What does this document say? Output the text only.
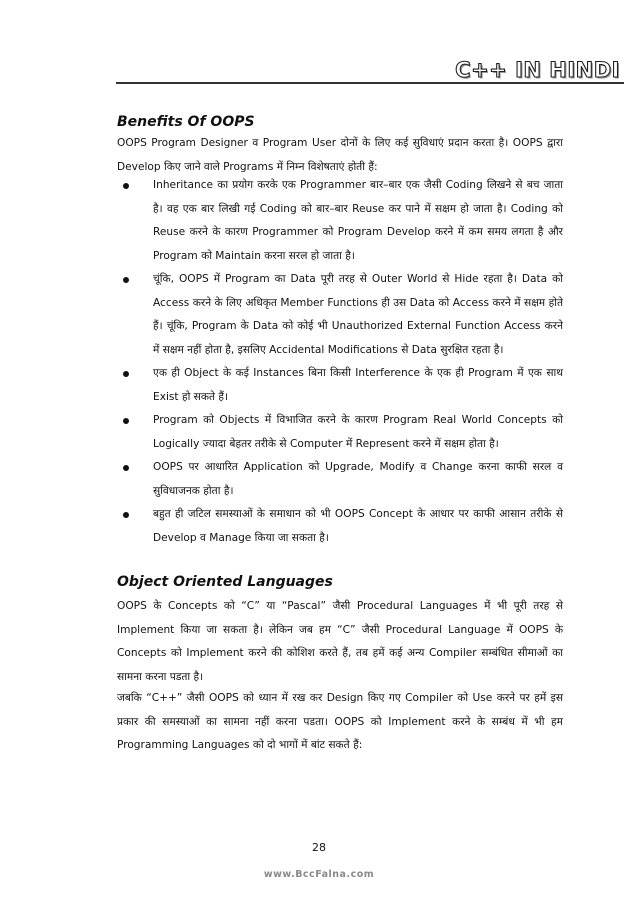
C++ IN HINDI
Benefits Of OOPS

OOPS Program Designer व Program User दोनों के लिए कई सुविधाएं प्रदान करता है। OOPS द्वारा Develop किए जाने वाले Programs में निम्न विशेषताएं होती हैं:

Inheritance का प्रयोग करके एक Programmer बार–बार एक जैसी Coding लिखने से बच जाता है। वह एक बार लिखी गई Coding को बार–बार Reuse कर पाने में सक्षम हो जाता है। Coding को Reuse करने के कारण Programmer को Program Develop करने में कम समय लगता है और Program को Maintain करना सरल हो जाता है।
चूंकि, OOPS में Program का Data पूरी तरह से Outer World से Hide रहता है। Data को Access करने के लिए अधिकृत Member Functions ही उस Data को Access करने में सक्षम होते हैं। चूंकि, Program के Data को कोई भी Unauthorized External Function Access करने में सक्षम नहीं होता है, इसलिए Accidental Modifications से Data सुरक्षित रहता है।
एक ही Object के कई Instances बिना किसी Interference के एक ही Program में एक साथ Exist हो सकते हैं।
Program को Objects में विभाजित करने के कारण Program Real World Concepts को Logically ज्यादा बेहतर तरीके से Computer में Represent करने में सक्षम होता है।
OOPS पर आधारित Application को Upgrade, Modify व Change करना काफी सरल व सुविधाजनक होता है।
बहुत ही जटिल समस्याओं के समाधान को भी OOPS Concept के आधार पर काफी आसान तरीके से Develop व Manage किया जा सकता है।
Object Oriented Languages

OOPS के Concepts को “C” या “Pascal” जैसी Procedural Languages में भी पूरी तरह से Implement किया जा सकता है। लेकिन जब हम “C” जैसी Procedural Language में OOPS के Concepts को Implement करने की कोशिश करते हैं, तब हमें कई अन्य Compiler सम्बंधित सीमाओं का सामना करना पडता है।

जबकि “C++” जैसी OOPS को ध्यान में रख कर Design किए गए Compiler को Use करने पर हमें इस प्रकार की समस्याओं का सामना नहीं करना पडता। OOPS को Implement करने के सम्बंध में भी हम Programming Languages को दो भागों में बांट सकते हैं:

28
www.BccFalna.com
